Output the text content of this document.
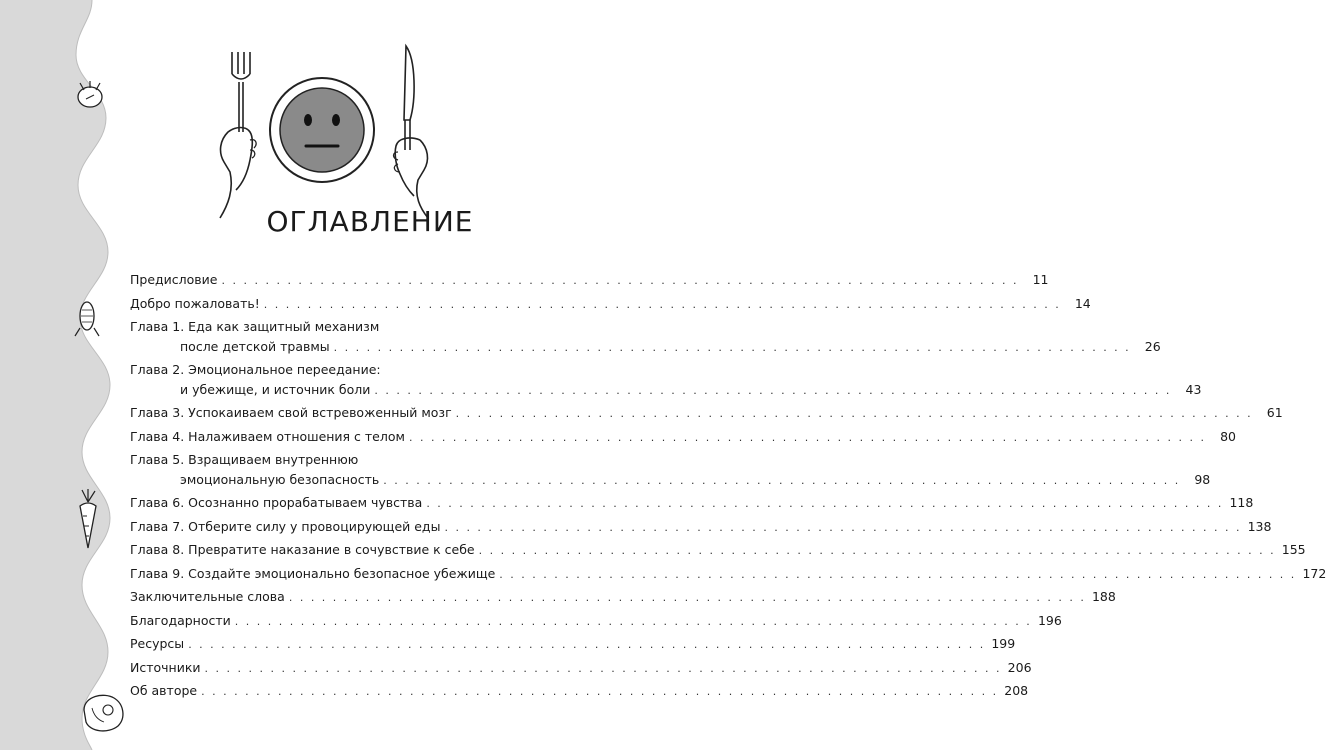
ОГЛАВЛЕНИЕ
Предисловие . . .	11
Добро пожаловать! . . .	14
Глава 1. Еда как защитный механизм
после детской травмы . . .	26
Глава 2. Эмоциональное переедание:
и убежище, и источник боли . . .	43
Глава 3. Успокаиваем свой встревоженный мозг . . .	61
Глава 4. Налаживаем отношения с телом . . .	80
Глава 5. Взращиваем внутреннюю
эмоциональную безопасность . . .	98
Глава 6. Осознанно прорабатываем чувства . . .	118
Глава 7. Отберите силу у провоцирующей еды . . .	138
Глава 8. Превратите наказание в сочувствие к себе . . .	155
Глава 9. Создайте эмоционально безопасное убежище . . .	172
Заключительные слова . . .	188
Благодарности . . .	196
Ресурсы . . .	199
Источники . . .	206
Об авторе . . .	208
